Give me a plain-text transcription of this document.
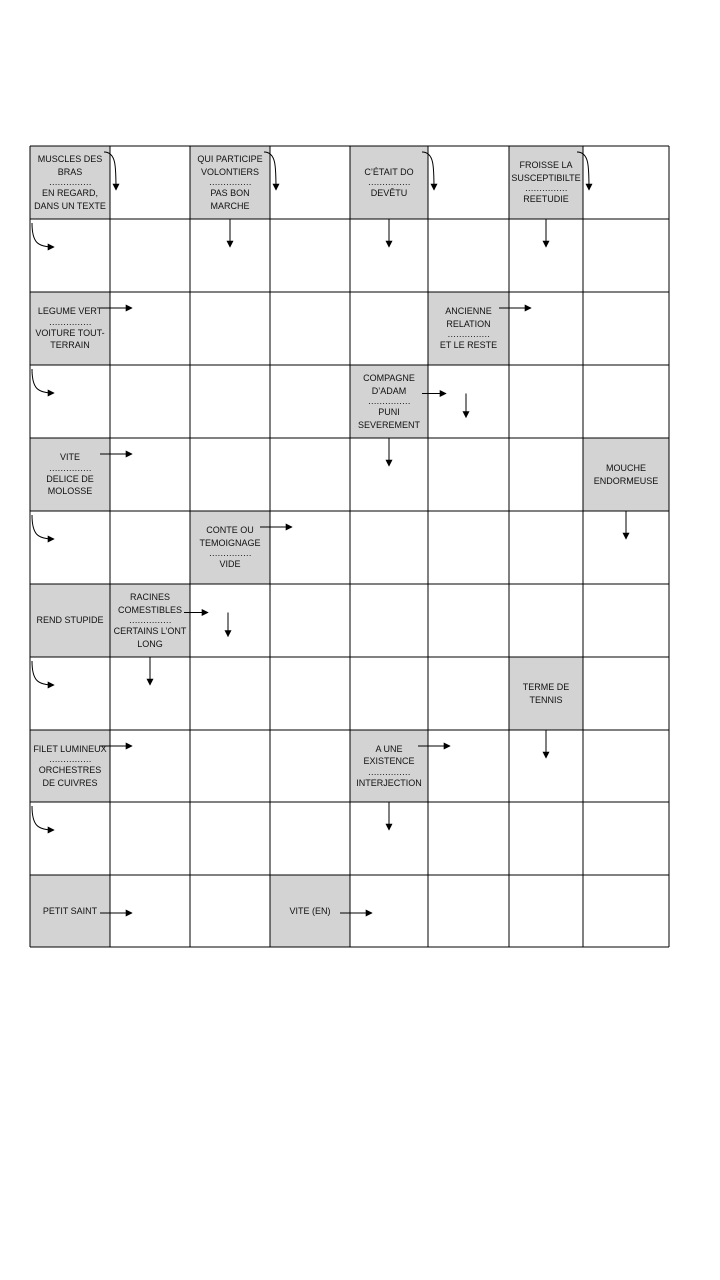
MUSCLES DES BRAS
……………
EN REGARD, DANS UN TEXTE
QUI PARTICIPE VOLONTIERS
……………
PAS BON MARCHE
C’ÉTAIT DO
……………
DEVÊTU
FROISSE LA SUSCEPTIBILTE
……………
REETUDIE
LEGUME VERT
……………
VOITURE TOUT-TERRAIN
ANCIENNE RELATION
……………
ET LE RESTE
COMPAGNE D’ADAM
……………
PUNI SEVEREMENT
VITE
……………
DELICE DE MOLOSSE
MOUCHE ENDORMEUSE
CONTE OU TEMOIGNAGE
……………
VIDE
REND STUPIDE
RACINES COMESTIBLES
……………
CERTAINS L’ONT LONG
TERME DE TENNIS
FILET LUMINEUX
……………
ORCHESTRES DE CUIVRES
A UNE EXISTENCE
……………
INTERJECTION
PETIT SAINT	VITE (EN)
